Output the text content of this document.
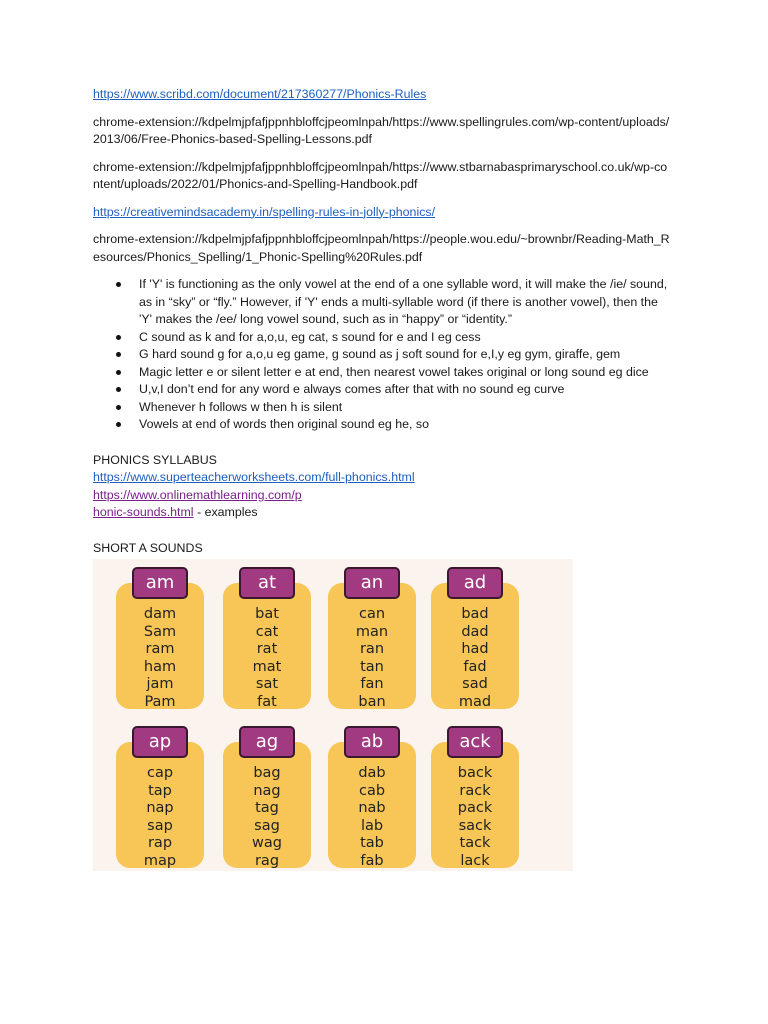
https://www.scribd.com/document/217360277/Phonics-Rules

chrome-extension://kdpelmjpfafjppnhbloffcjpeomlnpah/https://www.spellingrules.com/wp-content/uploads/2013/06/Free-Phonics-based-Spelling-Lessons.pdf

chrome-extension://kdpelmjpfafjppnhbloffcjpeomlnpah/https://www.stbarnabasprimaryschool.co.uk/wp-content/uploads/2022/01/Phonics-and-Spelling-Handbook.pdf

https://creativemindsacademy.in/spelling-rules-in-jolly-phonics/

chrome-extension://kdpelmjpfafjppnhbloffcjpeomlnpah/https://people.wou.edu/~brownbr/Reading-Math_Resources/Phonics_Spelling/1_Phonic-Spelling%20Rules.pdf

If 'Y' is functioning as the only vowel at the end of a one syllable word, it will make the /ie/ sound, as in “sky” or “fly.” However, if 'Y' ends a multi-syllable word (if there is another vowel), then the 'Y' makes the /ee/ long vowel sound, such as in “happy” or “identity.”
C sound as k and for a,o,u, eg cat, s sound for e and I eg cess
G hard sound g for a,o,u eg game, g sound as j soft sound for e,I,y eg gym, giraffe, gem
Magic letter e or silent letter e at end, then nearest vowel takes original or long sound eg dice
U,v,I don’t end for any word e always comes after that with no sound eg curve
Whenever h follows w then h is silent
Vowels at end of words then original sound eg he, so
PHONICS SYLLABUS
https://www.superteacherworksheets.com/full-phonics.html
https://www.onlinemathlearning.com/p
honic-sounds.html - examples
SHORT A SOUNDS
am
dam
Sam
ram
ham
jam
Pam
at
bat
cat
rat
mat
sat
fat
an
can
man
ran
tan
fan
ban
ad
bad
dad
had
fad
sad
mad
ap
cap
tap
nap
sap
rap
map
ag
bag
nag
tag
sag
wag
rag
ab
dab
cab
nab
lab
tab
fab
ack
back
rack
pack
sack
tack
lack
